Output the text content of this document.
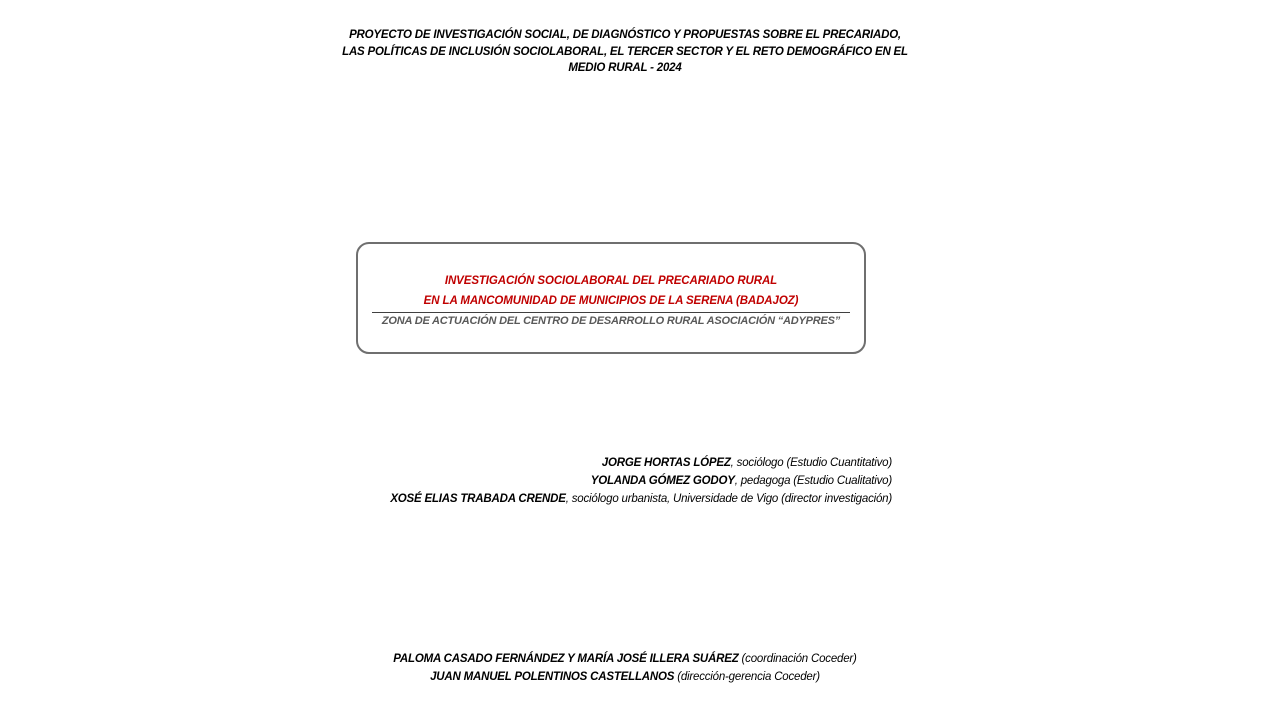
PROYECTO DE INVESTIGACIÓN SOCIAL, DE DIAGNÓSTICO Y PROPUESTAS SOBRE EL PRECARIADO,
LAS POLÍTICAS DE INCLUSIÓN SOCIOLABORAL, EL TERCER SECTOR Y EL RETO DEMOGRÁFICO EN EL
MEDIO RURAL - 2024
INVESTIGACIÓN SOCIOLABORAL DEL PRECARIADO RURAL
EN LA MANCOMUNIDAD DE MUNICIPIOS DE LA SERENA (BADAJOZ)
ZONA DE ACTUACIÓN DEL CENTRO DE DESARROLLO RURAL ASOCIACIÓN “ADYPRES”
JORGE HORTAS LÓPEZ, sociólogo (Estudio Cuantitativo)
YOLANDA GÓMEZ GODOY, pedagoga (Estudio Cualitativo)
XOSÉ ELIAS TRABADA CRENDE, sociólogo urbanista, Universidade de Vigo (director investigación)
PALOMA CASADO FERNÁNDEZ Y MARÍA JOSÉ ILLERA SUÁREZ (coordinación Coceder)
JUAN MANUEL POLENTINOS CASTELLANOS (dirección-gerencia Coceder)
